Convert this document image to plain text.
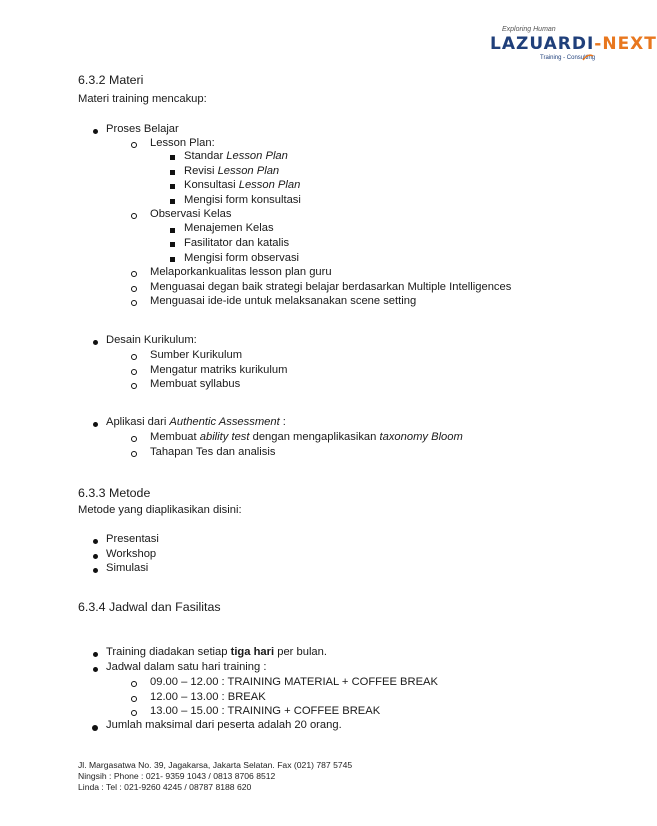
Exploring Human
LAZUARDI-NEXT
Training - Consulting
6.3.2 Materi
Materi training mencakup:
Proses Belajar
Lesson Plan:
Standar Lesson Plan
Revisi Lesson Plan
Konsultasi Lesson Plan
Mengisi form konsultasi
Observasi Kelas
Menajemen Kelas
Fasilitator dan katalis
Mengisi form observasi
Melaporkankualitas lesson plan guru
Menguasai degan baik strategi belajar berdasarkan Multiple Intelligences
Menguasai ide-ide untuk melaksanakan scene setting
Desain Kurikulum:
Sumber Kurikulum
Mengatur matriks kurikulum
Membuat syllabus
Aplikasi dari Authentic Assessment :
Membuat ability test dengan mengaplikasikan taxonomy Bloom
Tahapan Tes dan analisis
6.3.3 Metode
Metode yang diaplikasikan disini:
Presentasi
Workshop
Simulasi
6.3.4 Jadwal dan Fasilitas
Training diadakan setiap tiga hari per bulan.
Jadwal dalam satu hari training :
09.00 – 12.00 : TRAINING MATERIAL + COFFEE BREAK
12.00 – 13.00 : BREAK
13.00 – 15.00 : TRAINING + COFFEE BREAK
Jumlah maksimal dari peserta adalah 20 orang.
Jl. Margasatwa No. 39, Jagakarsa, Jakarta Selatan. Fax (021) 787 5745
Ningsih : Phone : 021- 9359 1043 / 0813 8706 8512
Linda : Tel : 021-9260 4245 / 08787 8188 620
